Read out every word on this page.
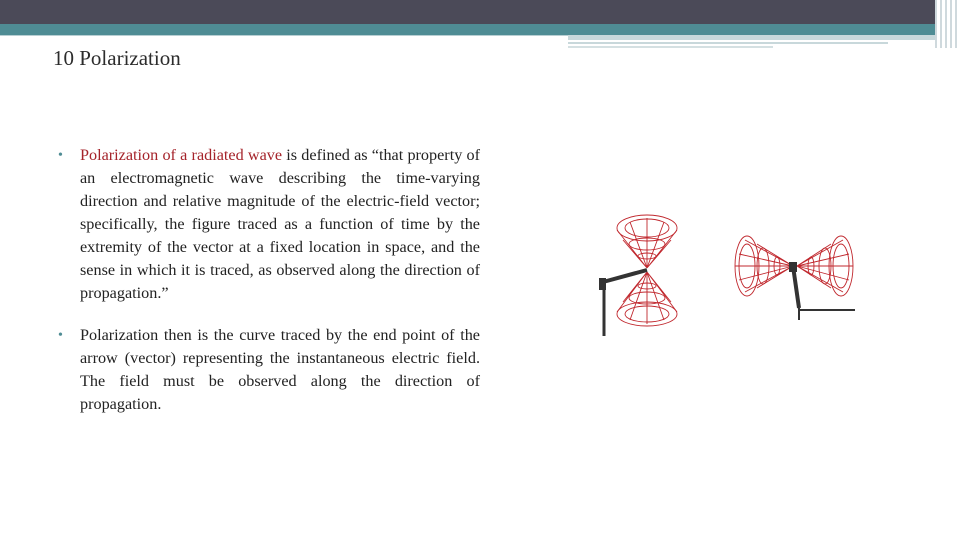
10 Polarization
• Polarization of a radiated wave is defined as “that property of an electromagnetic wave describing the time-varying direction and relative magnitude of the electric-field vector; specifically, the figure traced as a function of time by the extremity of the vector at a fixed location in space, and the sense in which it is traced, as observed along the direction of propagation.”
• Polarization then is the curve traced by the end point of the arrow (vector) representing the instantaneous electric field. The field must be observed along the direction of propagation.
